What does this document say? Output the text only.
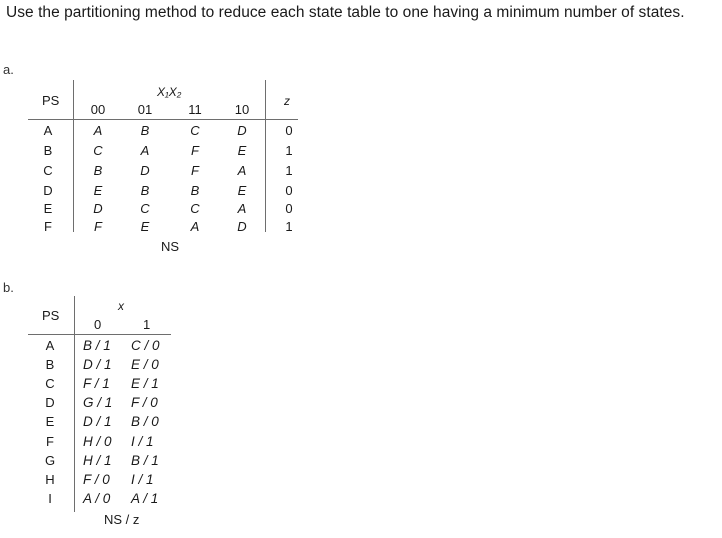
Use the partitioning method to reduce each state table to one having a minimum number of states.
a.
PS
X₁X₂
00	01	11	10
z
A	A	B	C	D	0
B	C	A	F	E	1
C	B	D	F	A	1
D	E	B	B	E	0
E	D	C	C	A	0
F	F	E	A	D	1
NS
b.
PS
x
0	1
A	B / 1 C / 0
B	D / 1 E / 0
C	F / 1 E / 1
D	G / 1 F / 0
E	D / 1 B / 0
F	H / 0 I / 1
G	H / 1 B / 1
H	F / 0 I / 1
I	A / 0 A / 1
NS / z
